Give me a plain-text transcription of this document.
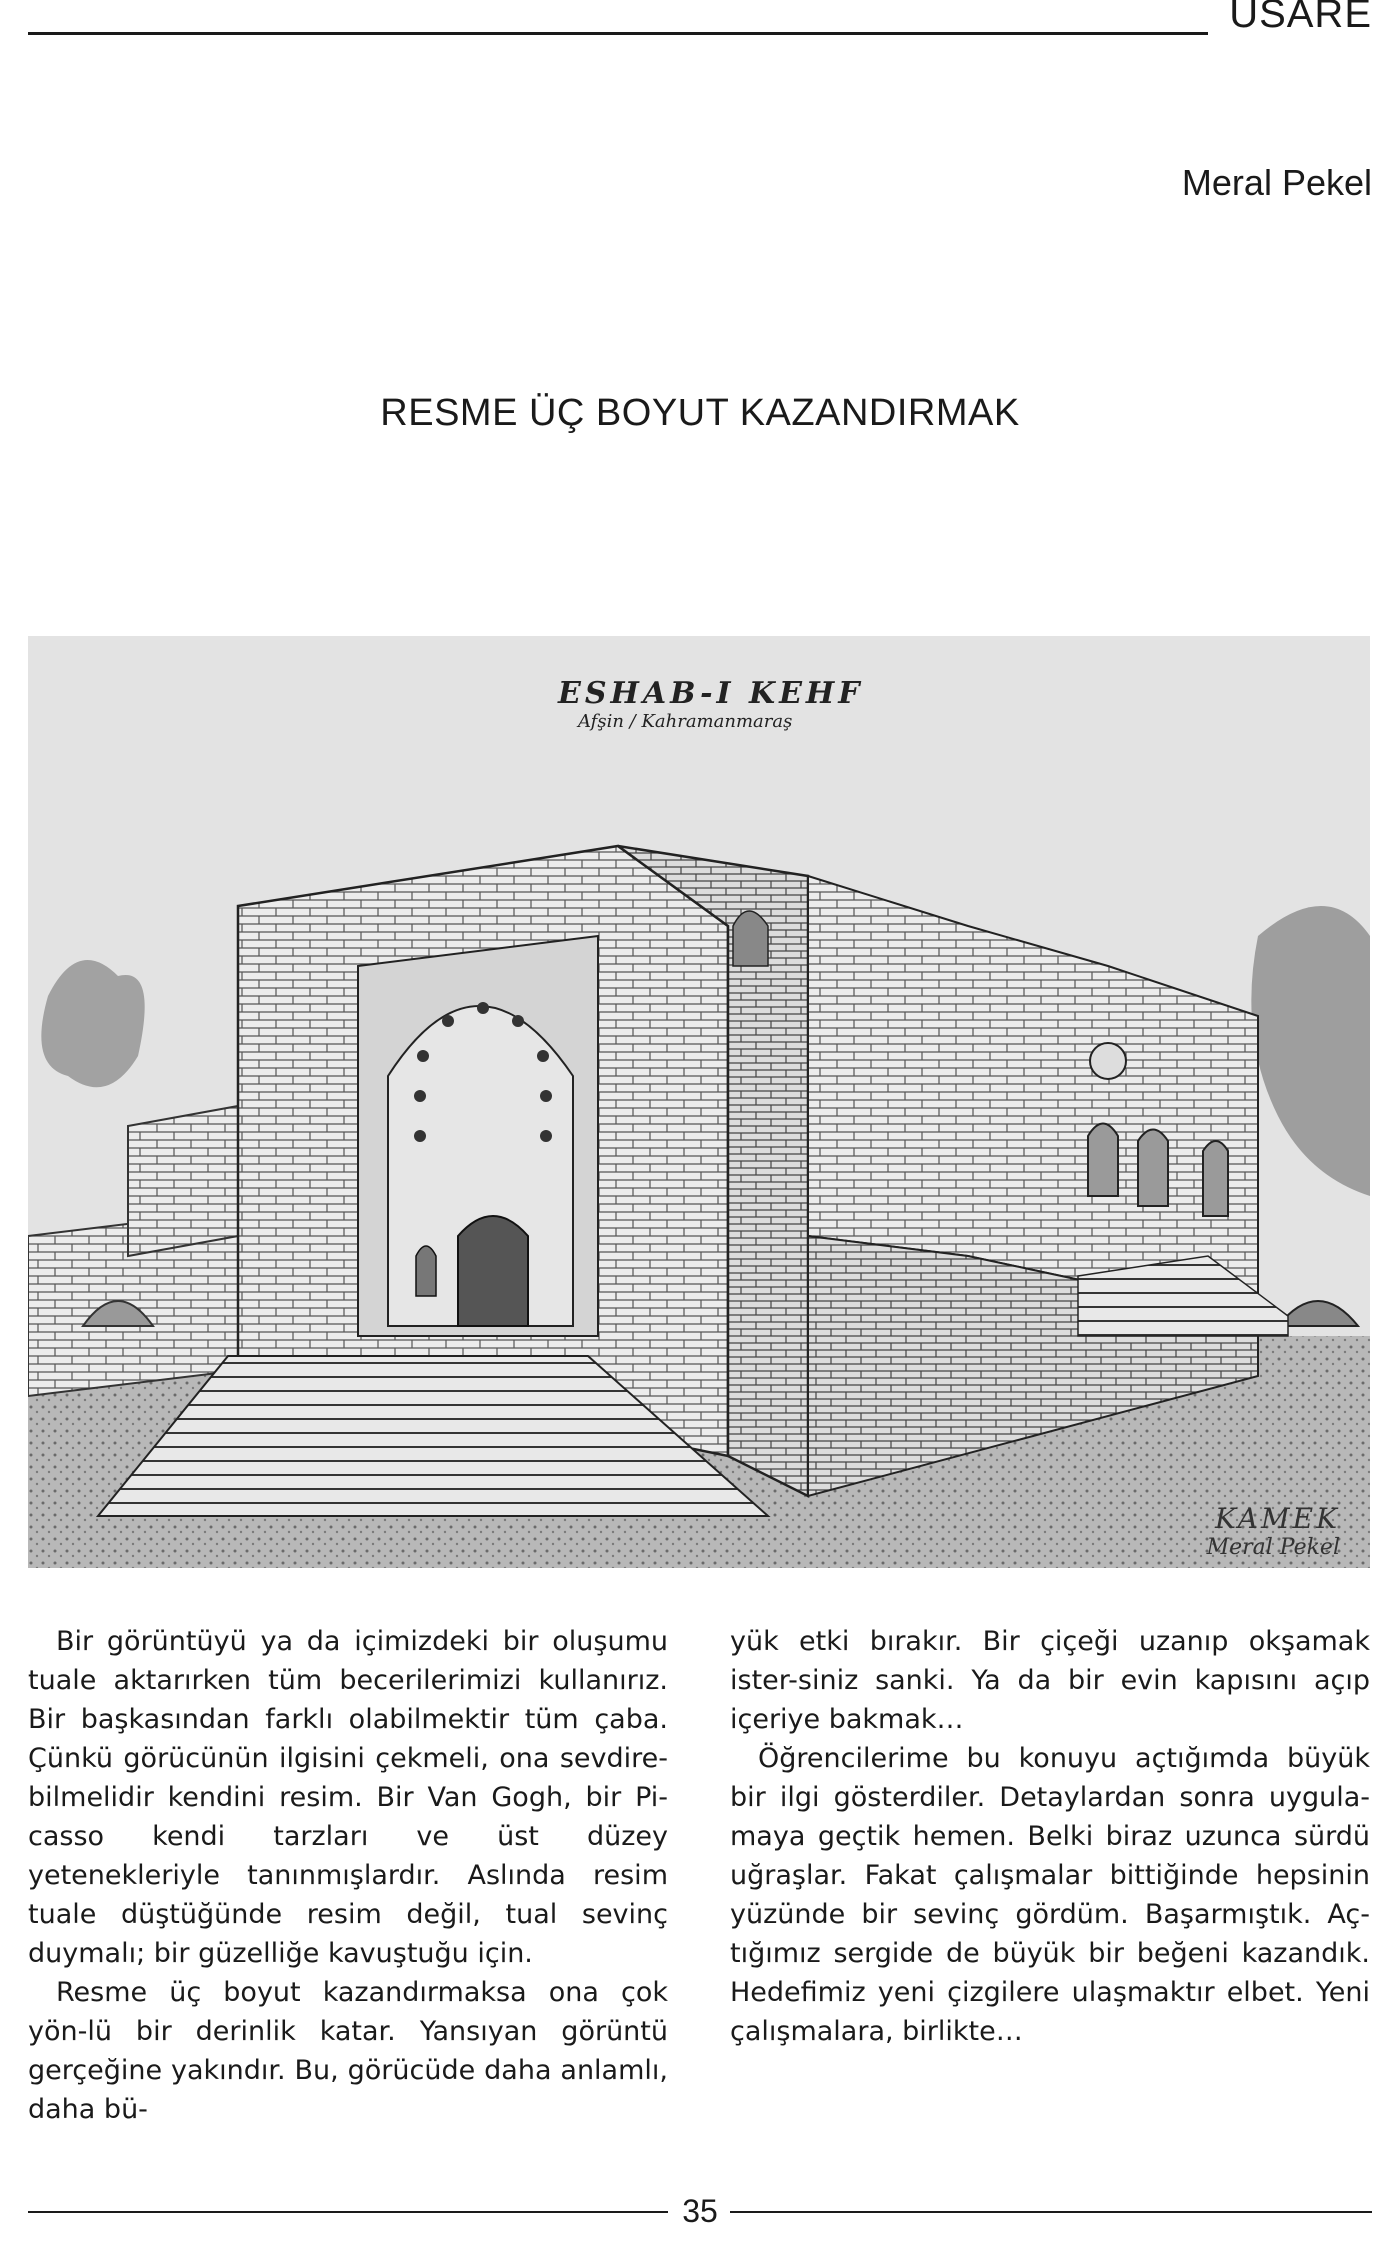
USARE
Meral Pekel
RESME ÜÇ BOYUT KAZANDIRMAK
ESHAB-I KEHF
Afşin / Kahramanmaraş
KAMEK
Meral Pekel

Bir görüntüyü ya da içimizdeki bir oluşumu tuale aktarırken tüm becerilerimizi kullanırız. Bir başkasından farklı olabilmektir tüm çaba. Çünkü görücünün ilgisini çekmeli, ona sevdire-bilmelidir kendini resim. Bir Van Gogh, bir Pi-casso kendi tarzları ve üst düzey yetenekleriyle tanınmışlardır. Aslında resim tuale düştüğünde resim değil, tual sevinç duymalı; bir güzelliğe kavuştuğu için.

Resme üç boyut kazandırmaksa ona çok yön-lü bir derinlik katar. Yansıyan görüntü gerçeğine yakındır. Bu, görücüde daha anlamlı, daha bü-

yük etki bırakır. Bir çiçeği uzanıp okşamak ister-siniz sanki. Ya da bir evin kapısını açıp içeriye bakmak…

Öğrencilerime bu konuyu açtığımda büyük bir ilgi gösterdiler. Detaylardan sonra uygula-maya geçtik hemen. Belki biraz uzunca sürdü uğraşlar. Fakat çalışmalar bittiğinde hepsinin yüzünde bir sevinç gördüm. Başarmıştık. Aç-tığımız sergide de büyük bir beğeni kazandık. Hedefimiz yeni çizgilere ulaşmaktır elbet. Yeni çalışmalara, birlikte…

35
